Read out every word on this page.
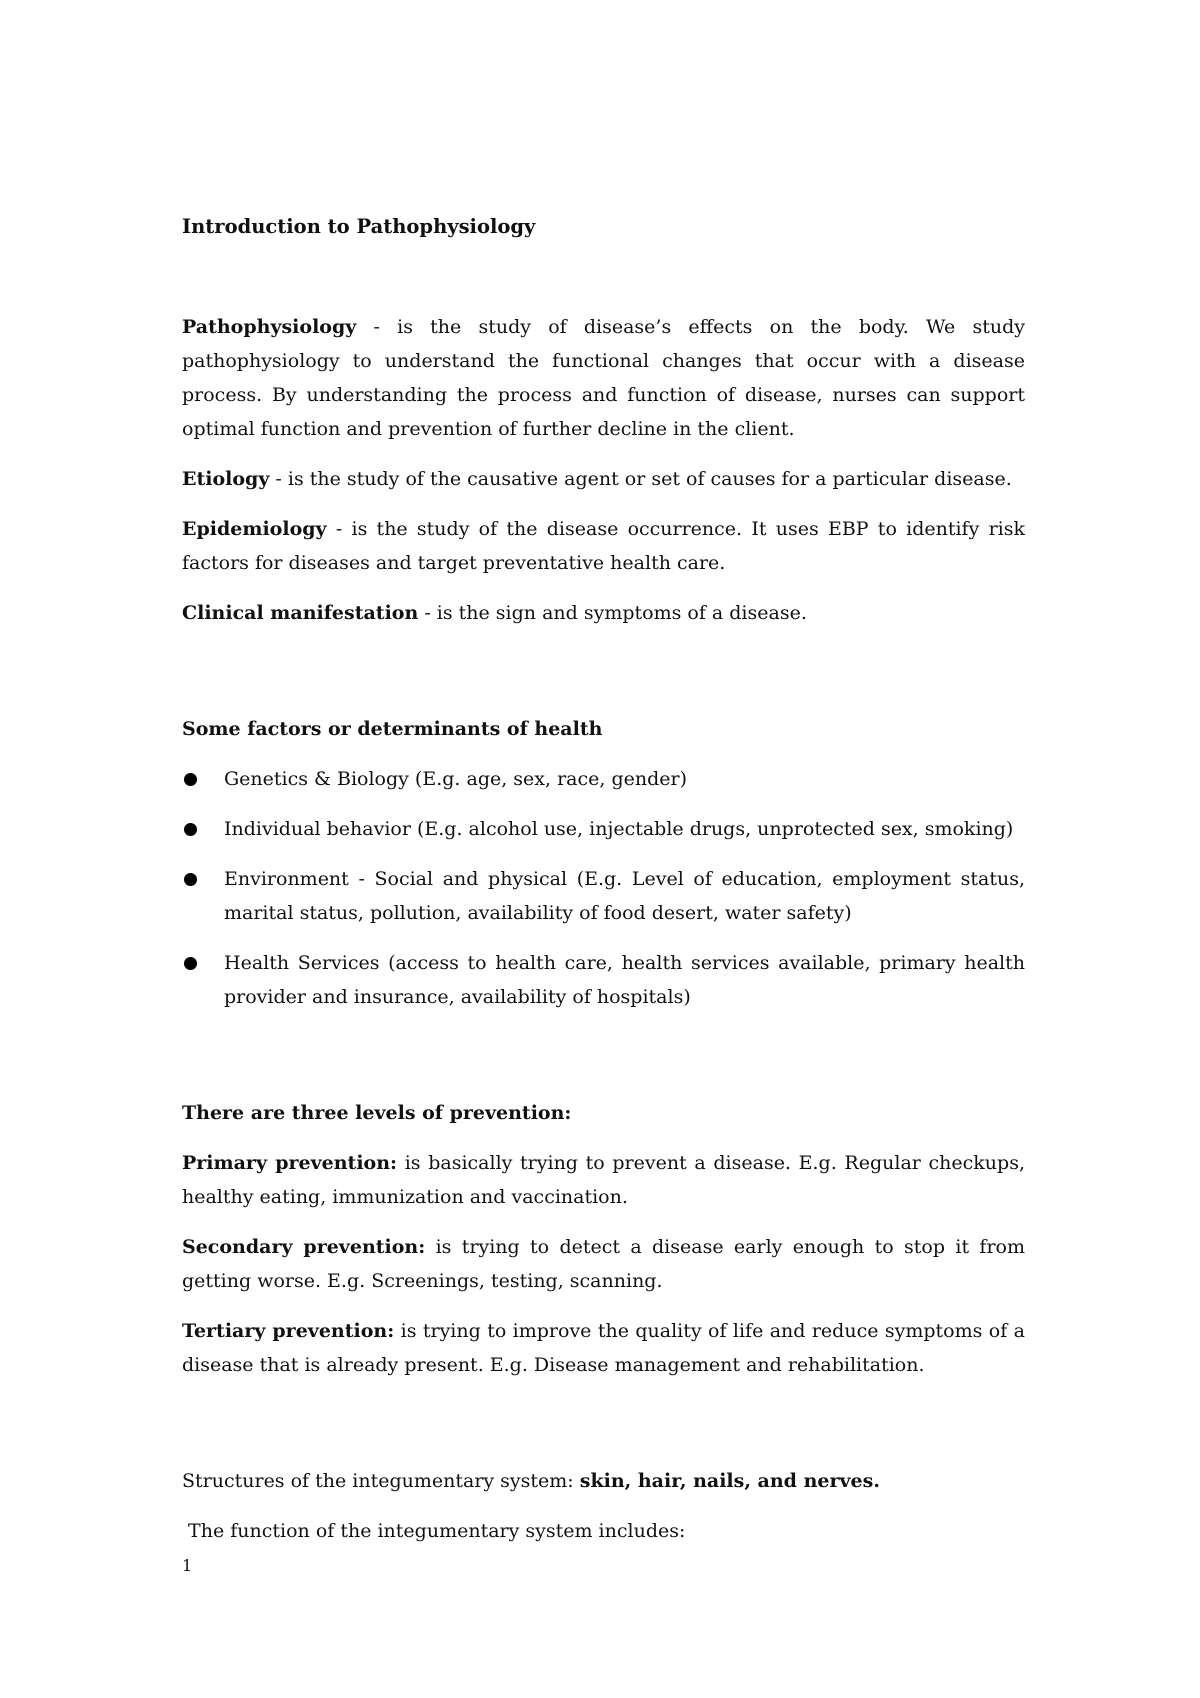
Introduction to Pathophysiology

Pathophysiology - is the study of disease’s effects on the body. We study pathophysiology to understand the functional changes that occur with a disease process. By understanding the process and function of disease, nurses can support optimal function and prevention of further decline in the client.

Etiology - is the study of the causative agent or set of causes for a particular disease.

Epidemiology - is the study of the disease occurrence. It uses EBP to identify risk factors for diseases and target preventative health care.

Clinical manifestation - is the sign and symptoms of a disease.

Some factors or determinants of health

Genetics & Biology (E.g. age, sex, race, gender)
Individual behavior (E.g. alcohol use, injectable drugs, unprotected sex, smoking)
Environment - Social and physical (E.g. Level of education, employment status, marital status, pollution, availability of food desert, water safety)
Health Services (access to health care, health services available, primary health provider and insurance, availability of hospitals)

There are three levels of prevention:

Primary prevention: is basically trying to prevent a disease. E.g. Regular checkups, healthy eating, immunization and vaccination.

Secondary prevention: is trying to detect a disease early enough to stop it from getting worse. E.g. Screenings, testing, scanning.

Tertiary prevention: is trying to improve the quality of life and reduce symptoms of a disease that is already present. E.g. Disease management and rehabilitation.

Structures of the integumentary system: skin, hair, nails, and nerves.

The function of the integumentary system includes:

1
